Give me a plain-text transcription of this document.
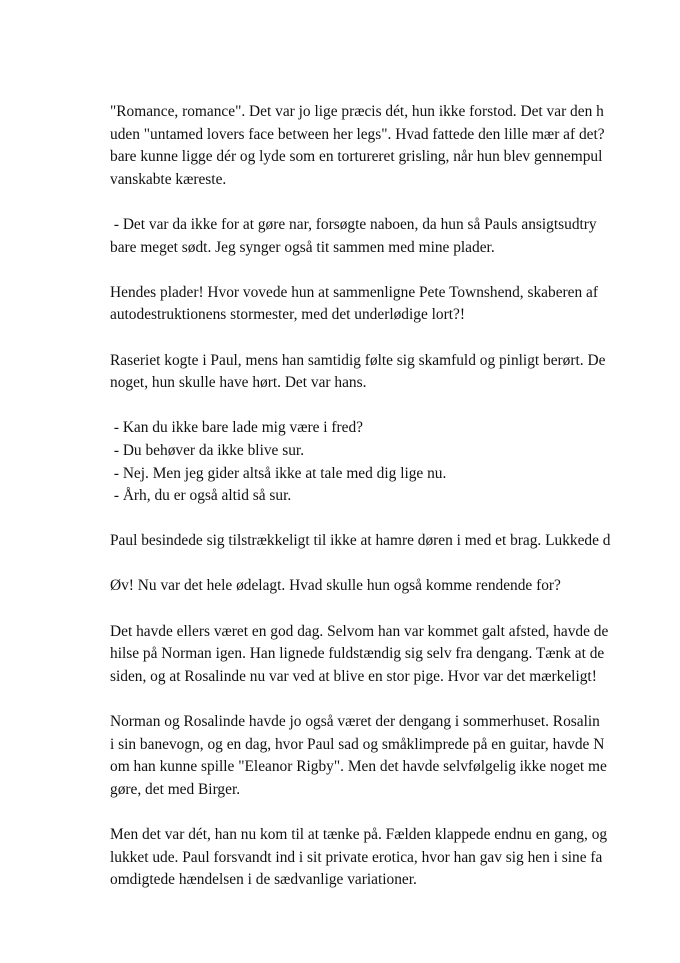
"Romance, romance". Det var jo lige præcis dét, hun ikke forstod. Det var den h
uden "untamed lovers face between her legs". Hvad fattede den lille mær af det?
bare kunne ligge dér og lyde som en tortureret grisling, når hun blev gennempul
vanskabte kæreste.
- Det var da ikke for at gøre nar, forsøgte naboen, da hun så Pauls ansigtsudtry
bare meget sødt. Jeg synger også tit sammen med mine plader.
Hendes plader! Hvor vovede hun at sammenligne Pete Townshend, skaberen af
autodestruktionens stormester, med det underlødige lort?!
Raseriet kogte i Paul, mens han samtidig følte sig skamfuld og pinligt berørt. De
noget, hun skulle have hørt. Det var hans.
- Kan du ikke bare lade mig være i fred?
- Du behøver da ikke blive sur.
- Nej. Men jeg gider altså ikke at tale med dig lige nu.
- Årh, du er også altid så sur.
Paul besindede sig tilstrækkeligt til ikke at hamre døren i med et brag. Lukkede d
Øv! Nu var det hele ødelagt. Hvad skulle hun også komme rendende for?
Det havde ellers været en god dag. Selvom han var kommet galt afsted, havde de
hilse på Norman igen. Han lignede fuldstændig sig selv fra dengang. Tænk at de
siden, og at Rosalinde nu var ved at blive en stor pige. Hvor var det mærkeligt!
Norman og Rosalinde havde jo også været der dengang i sommerhuset. Rosalin
i sin banevogn, og en dag, hvor Paul sad og småklimprede på en guitar, havde N
om han kunne spille "Eleanor Rigby". Men det havde selvfølgelig ikke noget me
gøre, det med Birger.
Men det var dét, han nu kom til at tænke på. Fælden klappede endnu en gang, og
lukket ude. Paul forsvandt ind i sit private erotica, hvor han gav sig hen i sine fa
omdigtede hændelsen i de sædvanlige variationer.
